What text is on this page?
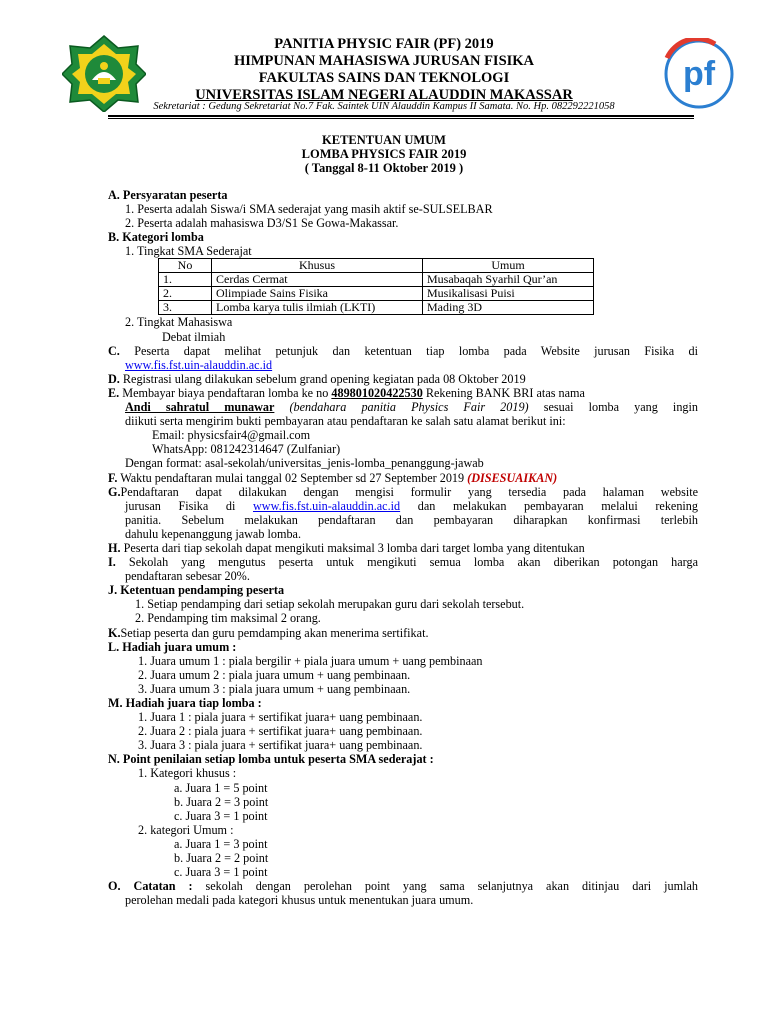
pf
PANITIA PHYSIC FAIR (PF) 2019
HIMPUNAN MAHASISWA JURUSAN FISIKA
FAKULTAS SAINS DAN TEKNOLOGI
UNIVERSITAS ISLAM NEGERI ALAUDDIN MAKASSAR
Sekretariat : Gedung Sekretariat No.7 Fak. Saintek UIN Alauddin Kampus II Samata. No. Hp. 082292221058
KETENTUAN UMUM
LOMBA PHYSICS FAIR 2019
( Tanggal 8-11 Oktober 2019 )
A. Persyaratan peserta
1. Peserta adalah Siswa/i SMA sederajat yang masih aktif se-SULSELBAR
2. Peserta adalah mahasiswa D3/S1 Se Gowa-Makassar.
B. Kategori lomba
1. Tingkat SMA Sederajat
No	Khusus	Umum
1.	Cerdas Cermat	Musabaqah Syarhil Qur’an
2.	Olimpiade Sains Fisika	Musikalisasi Puisi
3.	Lomba karya tulis ilmiah (LKTI)	Mading 3D
2. Tingkat Mahasiswa
Debat ilmiah
C. Peserta dapat melihat petunjuk dan ketentuan tiap lomba pada Website jurusan Fisika di
www.fis.fst.uin-alauddin.ac.id
D. Registrasi ulang dilakukan sebelum grand opening kegiatan pada 08 Oktober 2019
E. Membayar biaya pendaftaran lomba ke no 489801020422530 Rekening BANK BRI atas nama
Andi sahratul munawar (bendahara panitia Physics Fair 2019) sesuai lomba yang ingin
diikuti serta mengirim bukti pembayaran atau pendaftaran ke salah satu alamat berikut ini:
Email: physicsfair4@gmail.com
WhatsApp: 081242314647 (Zulfaniar)
Dengan format: asal-sekolah/universitas_jenis-lomba_penanggung-jawab
F. Waktu pendaftaran mulai tanggal 02 September sd 27 September 2019 (DISESUAIKAN)
G.Pendaftaran dapat dilakukan dengan mengisi formulir yang tersedia pada halaman website
jurusan Fisika di www.fis.fst.uin-alauddin.ac.id dan melakukan pembayaran melalui rekening
panitia. Sebelum melakukan pendaftaran dan pembayaran diharapkan konfirmasi terlebih
dahulu kepenanggung jawab lomba.
H. Peserta dari tiap sekolah dapat mengikuti maksimal 3 lomba dari target lomba yang ditentukan
I. Sekolah yang mengutus peserta untuk mengikuti semua lomba akan diberikan potongan harga
pendaftaran sebesar 20%.
J. Ketentuan pendamping peserta
1. Setiap pendamping dari setiap sekolah merupakan guru dari sekolah tersebut.
2. Pendamping tim maksimal 2 orang.
K.Setiap peserta dan guru pemdamping akan menerima sertifikat.
L. Hadiah juara umum :
1. Juara umum 1 : piala bergilir + piala juara umum + uang pembinaan
2. Juara umum 2 : piala juara umum + uang pembinaan.
3. Juara umum 3 : piala juara umum + uang pembinaan.
M. Hadiah juara tiap lomba :
1. Juara 1 : piala juara + sertifikat juara+ uang pembinaan.
2. Juara 2 : piala juara + sertifikat juara+ uang pembinaan.
3. Juara 3 : piala juara + sertifikat juara+ uang pembinaan.
N. Point penilaian setiap lomba untuk peserta SMA sederajat :
1. Kategori khusus :
a. Juara 1 = 5 point
b. Juara 2 = 3 point
c. Juara 3 = 1 point
2. kategori Umum :
a. Juara 1 = 3 point
b. Juara 2 = 2 point
c. Juara 3 = 1 point
O. Catatan : sekolah dengan perolehan point yang sama selanjutnya akan ditinjau dari jumlah
perolehan medali pada kategori khusus untuk menentukan juara umum.
